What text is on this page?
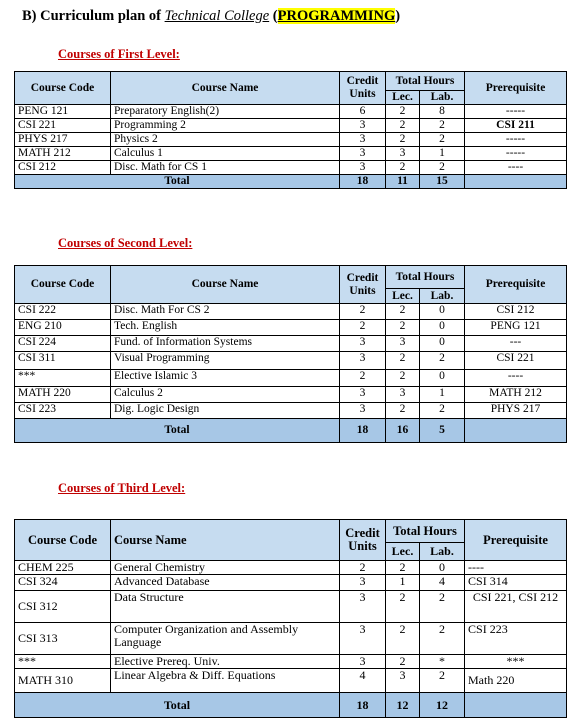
B) Curriculum plan of Technical College (PROGRAMMING)
Courses of First Level:
Course Code	Course Name	Credit Units	Total Hours		Prerequisite
			Lec.	Lab.	
PENG 121	Preparatory English(2)	6	2	8	-----
CSI 221	Programming 2	3	2	2	CSI 211
PHYS 217	Physics 2	3	2	2	-----
MATH 212	Calculus 1	3	3	1	-----
CSI 212	Disc. Math for CS 1	3	2	2	----
Total		18	11	15	
Courses of Second Level:
Course Code	Course Name	Credit Units	Total Hours		Prerequisite
			Lec.	Lab.	
CSI 222	Disc. Math For CS 2	2	2	0	CSI 212
ENG 210	Tech. English	2	2	0	PENG 121
CSI 224	Fund. of Information Systems	3	3	0	---
CSI 311	Visual Programming	3	2	2	CSI 221
***	Elective Islamic 3	2	2	0	----
MATH 220	Calculus 2	3	3	1	MATH 212
CSI 223	Dig. Logic Design	3	2	2	PHYS 217
Total		18	16	5	
Courses of Third Level:
Course Code	Course Name	Credit Units	Total Hours		Prerequisite
			Lec.	Lab.	
CHEM 225	General Chemistry	2	2	0	----
CSI 324	Advanced Database	3	1	4	CSI 314
CSI 312	Data Structure	3	2	2	CSI 221, CSI 212
CSI 313	Computer Organization and Assembly Language	3	2	2	CSI 223
***	Elective Prereq. Univ.	3	2	*	***
MATH 310	Linear Algebra & Diff. Equations	4	3	2	Math 220
Total		18	12	12	
